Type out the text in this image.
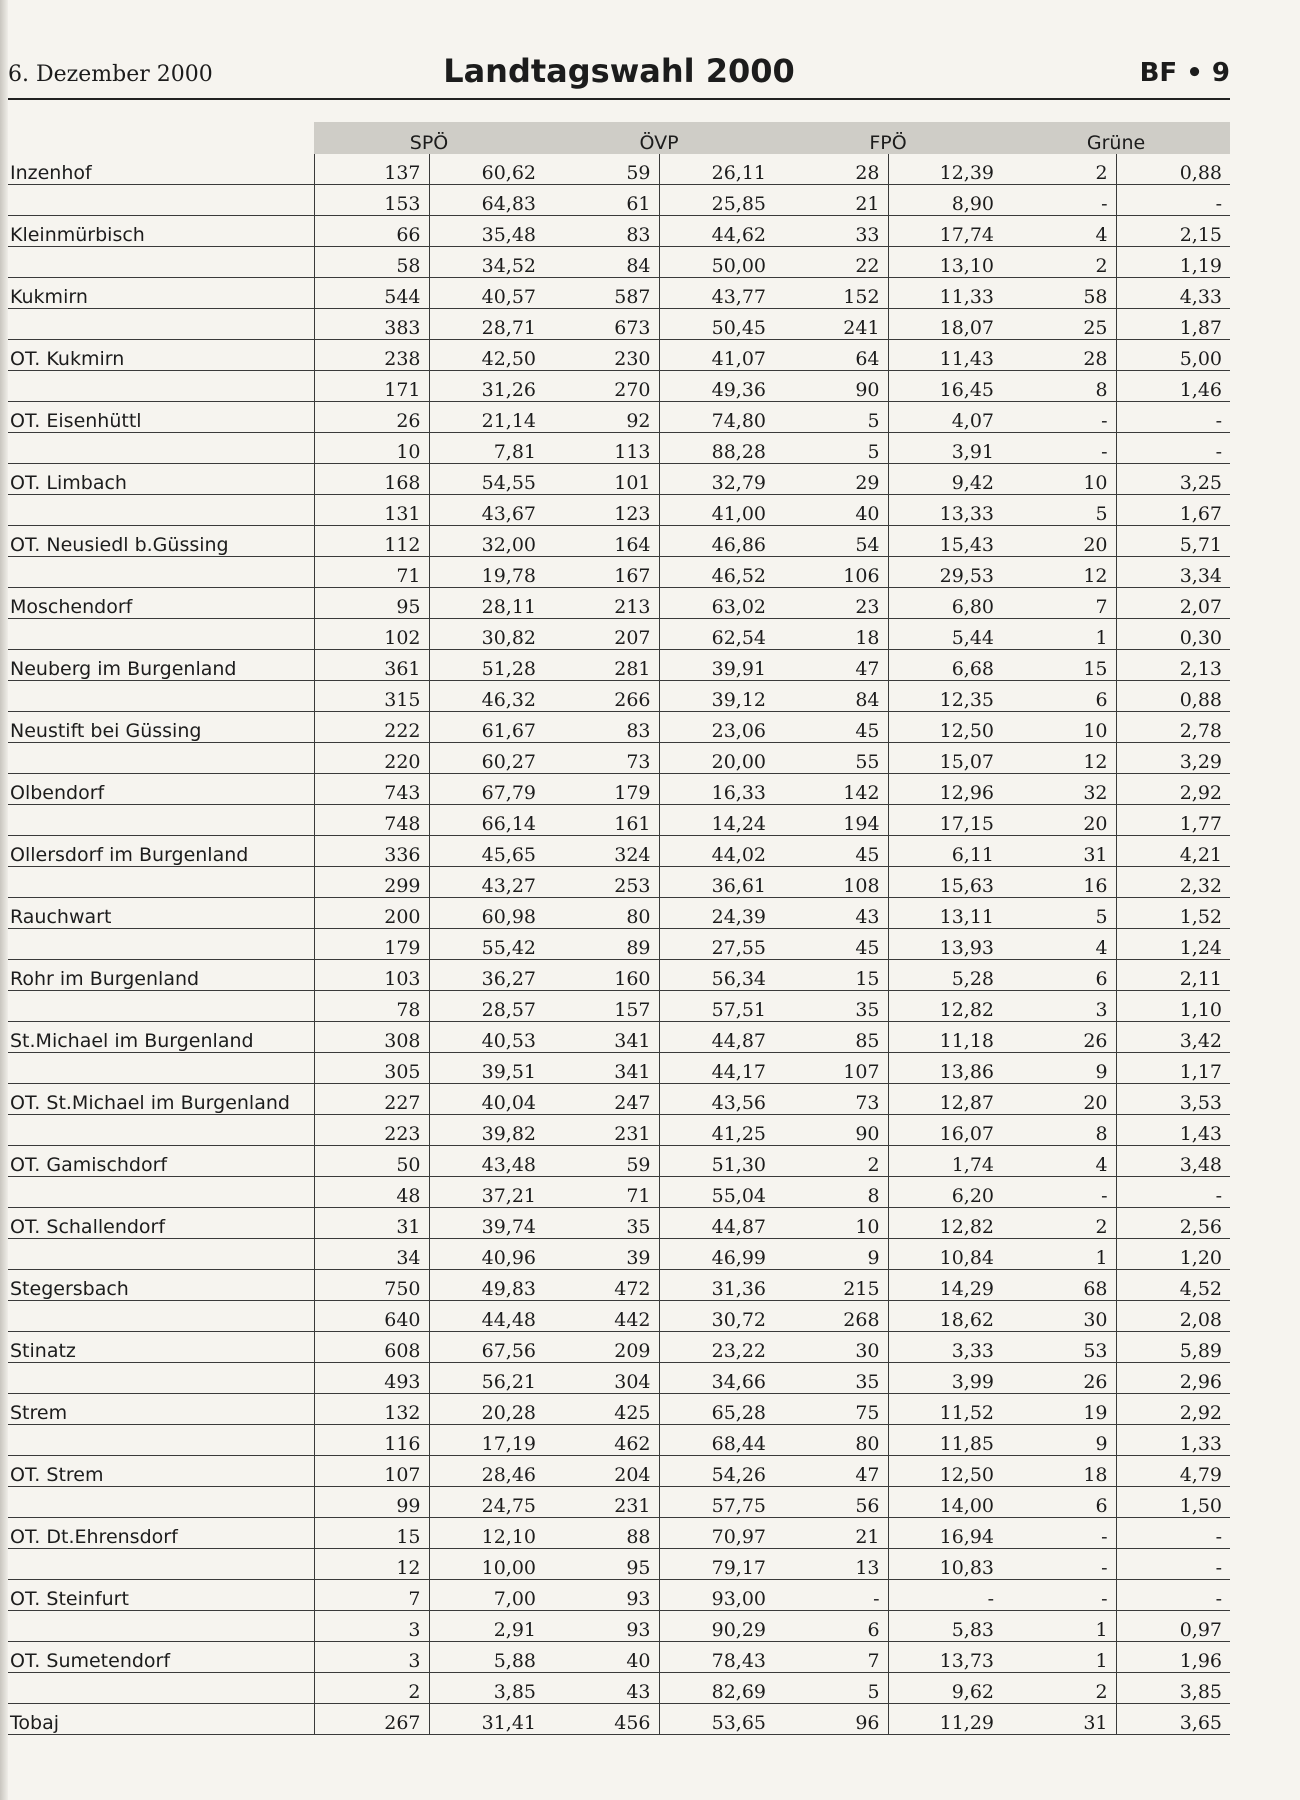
6. Dezember 2000	Landtagswahl 2000	BF • 9
	SPÖ		ÖVP		FPÖ		Grüne	
Inzenhof	137	60,62	59	26,11	28	12,39	2	0,88
	153	64,83	61	25,85	21	8,90	-	-
Kleinmürbisch	66	35,48	83	44,62	33	17,74	4	2,15
	58	34,52	84	50,00	22	13,10	2	1,19
Kukmirn	544	40,57	587	43,77	152	11,33	58	4,33
	383	28,71	673	50,45	241	18,07	25	1,87
OT. Kukmirn	238	42,50	230	41,07	64	11,43	28	5,00
	171	31,26	270	49,36	90	16,45	8	1,46
OT. Eisenhüttl	26	21,14	92	74,80	5	4,07	-	-
	10	7,81	113	88,28	5	3,91	-	-
OT. Limbach	168	54,55	101	32,79	29	9,42	10	3,25
	131	43,67	123	41,00	40	13,33	5	1,67
OT. Neusiedl b.Güssing	112	32,00	164	46,86	54	15,43	20	5,71
	71	19,78	167	46,52	106	29,53	12	3,34
Moschendorf	95	28,11	213	63,02	23	6,80	7	2,07
	102	30,82	207	62,54	18	5,44	1	0,30
Neuberg im Burgenland	361	51,28	281	39,91	47	6,68	15	2,13
	315	46,32	266	39,12	84	12,35	6	0,88
Neustift bei Güssing	222	61,67	83	23,06	45	12,50	10	2,78
	220	60,27	73	20,00	55	15,07	12	3,29
Olbendorf	743	67,79	179	16,33	142	12,96	32	2,92
	748	66,14	161	14,24	194	17,15	20	1,77
Ollersdorf im Burgenland	336	45,65	324	44,02	45	6,11	31	4,21
	299	43,27	253	36,61	108	15,63	16	2,32
Rauchwart	200	60,98	80	24,39	43	13,11	5	1,52
	179	55,42	89	27,55	45	13,93	4	1,24
Rohr im Burgenland	103	36,27	160	56,34	15	5,28	6	2,11
	78	28,57	157	57,51	35	12,82	3	1,10
St.Michael im Burgenland	308	40,53	341	44,87	85	11,18	26	3,42
	305	39,51	341	44,17	107	13,86	9	1,17
OT. St.Michael im Burgenland	227	40,04	247	43,56	73	12,87	20	3,53
	223	39,82	231	41,25	90	16,07	8	1,43
OT. Gamischdorf	50	43,48	59	51,30	2	1,74	4	3,48
	48	37,21	71	55,04	8	6,20	-	-
OT. Schallendorf	31	39,74	35	44,87	10	12,82	2	2,56
	34	40,96	39	46,99	9	10,84	1	1,20
Stegersbach	750	49,83	472	31,36	215	14,29	68	4,52
	640	44,48	442	30,72	268	18,62	30	2,08
Stinatz	608	67,56	209	23,22	30	3,33	53	5,89
	493	56,21	304	34,66	35	3,99	26	2,96
Strem	132	20,28	425	65,28	75	11,52	19	2,92
	116	17,19	462	68,44	80	11,85	9	1,33
OT. Strem	107	28,46	204	54,26	47	12,50	18	4,79
	99	24,75	231	57,75	56	14,00	6	1,50
OT. Dt.Ehrensdorf	15	12,10	88	70,97	21	16,94	-	-
	12	10,00	95	79,17	13	10,83	-	-
OT. Steinfurt	7	7,00	93	93,00	-	-	-	-
	3	2,91	93	90,29	6	5,83	1	0,97
OT. Sumetendorf	3	5,88	40	78,43	7	13,73	1	1,96
	2	3,85	43	82,69	5	9,62	2	3,85
Tobaj	267	31,41	456	53,65	96	11,29	31	3,65
